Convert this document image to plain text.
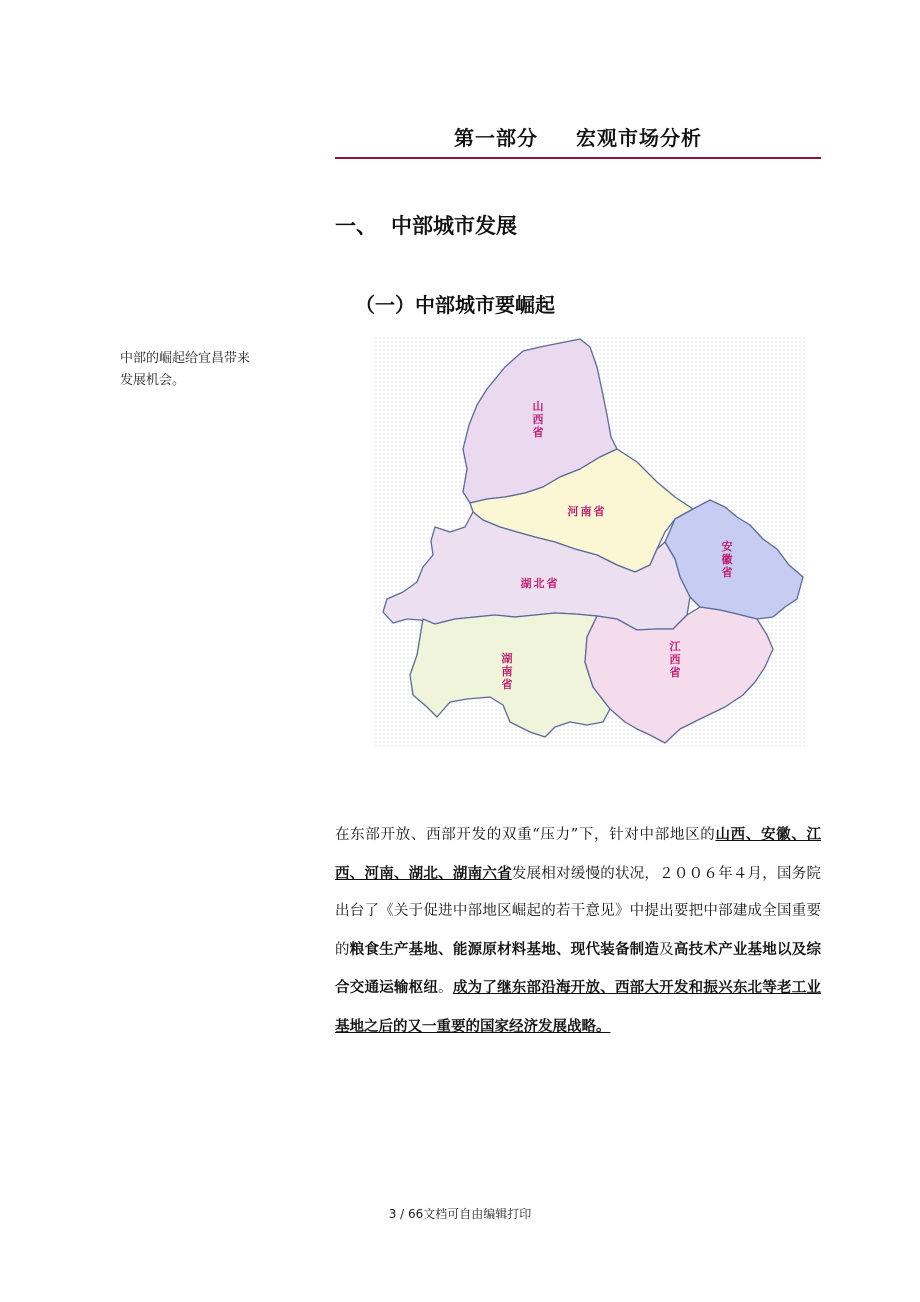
第一部分 宏观市场分析
一、 中部城市发展
（一）中部城市要崛起
中部的崛起给宜昌带来
发展机会。
山
西
省
河南省
安
徽
省
湖北省
湖
南
省
江
西
省
在东部开放、西部开发的双重“压力”下，针对中部地区的山西、安徽、江西、河南、湖北、湖南六省发展相对缓慢的状况，２００６年４月，国务院出台了《关于促进中部地区崛起的若干意见》中提出要把中部建成全国重要的粮食生产基地、能源原材料基地、现代装备制造及高技术产业基地以及综合交通运输枢纽。成为了继东部沿海开放、西部大开发和振兴东北等老工业基地之后的又一重要的国家经济发展战略。
3 / 66文档可自由编辑打印
